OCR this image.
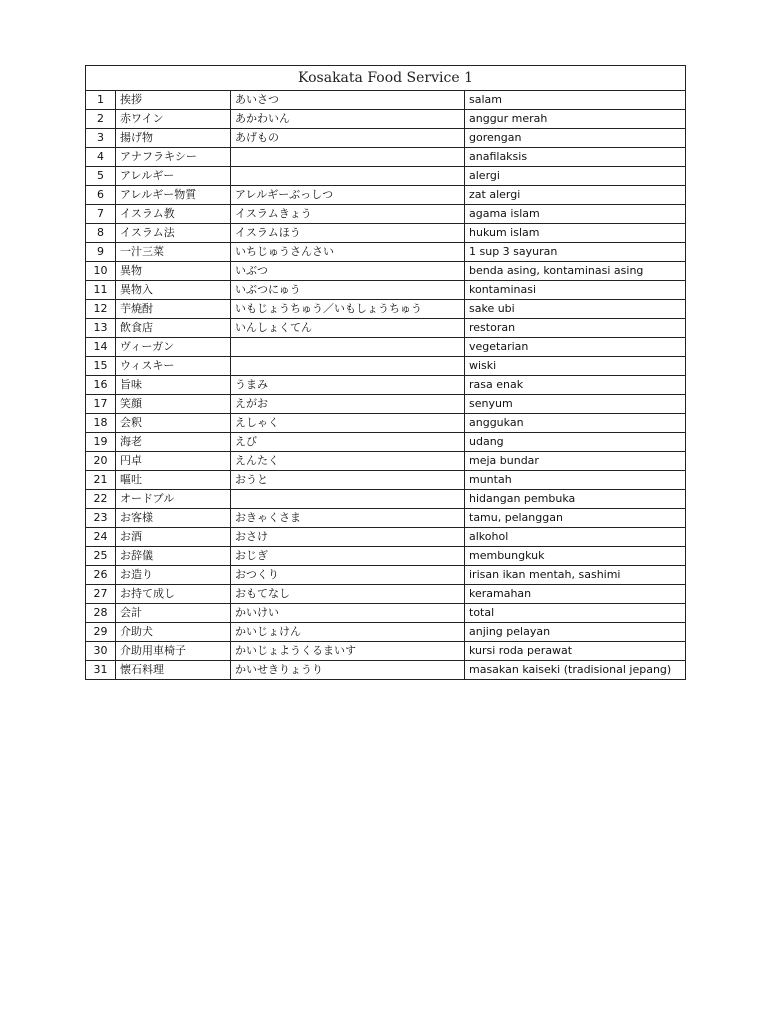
Kosakata Food Service 1			
1	挨拶	あいさつ	salam
2	赤ワイン	あかわいん	anggur merah
3	揚げ物	あげもの	gorengan
4	アナフラキシー		anafilaksis
5	アレルギー		alergi
6	アレルギー物質	アレルギーぶっしつ	zat alergi
7	イスラム教	イスラムきょう	agama islam
8	イスラム法	イスラムほう	hukum islam
9	一汁三菜	いちじゅうさんさい	1 sup 3 sayuran
10	異物	いぶつ	benda asing, kontaminasi asing
11	異物入	いぶつにゅう	kontaminasi
12	芋焼酎	いもじょうちゅう／いもしょうちゅう	sake ubi
13	飲食店	いんしょくてん	restoran
14	ヴィーガン		vegetarian
15	ウィスキー		wiski
16	旨味	うまみ	rasa enak
17	笑顔	えがお	senyum
18	会釈	えしゃく	anggukan
19	海老	えび	udang
20	円卓	えんたく	meja bundar
21	嘔吐	おうと	muntah
22	オードブル		hidangan pembuka
23	お客様	おきゃくさま	tamu, pelanggan
24	お酒	おさけ	alkohol
25	お辞儀	おじぎ	membungkuk
26	お造り	おつくり	irisan ikan mentah, sashimi
27	お持て成し	おもてなし	keramahan
28	会計	かいけい	total
29	介助犬	かいじょけん	anjing pelayan
30	介助用車椅子	かいじょようくるまいす	kursi roda perawat
31	懐石料理	かいせきりょうり	masakan kaiseki (tradisional jepang)
